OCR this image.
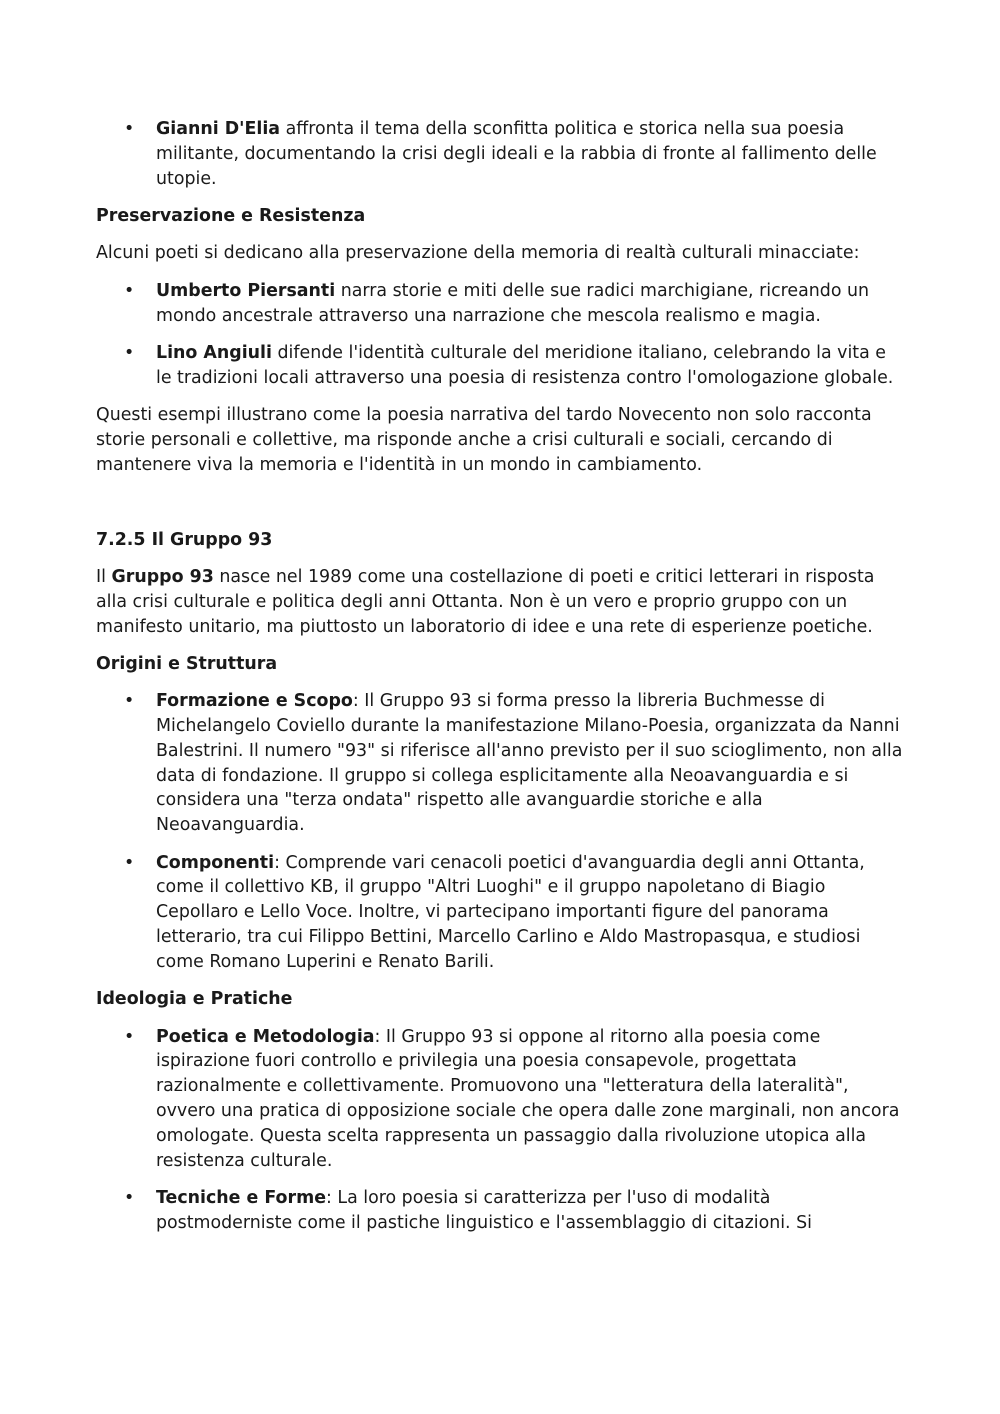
• Gianni D'Elia affronta il tema della sconfitta politica e storica nella sua poesia militante, documentando la crisi degli ideali e la rabbia di fronte al fallimento delle utopie.
Preservazione e Resistenza

Alcuni poeti si dedicano alla preservazione della memoria di realtà culturali minacciate:

• Umberto Piersanti narra storie e miti delle sue radici marchigiane, ricreando un mondo ancestrale attraverso una narrazione che mescola realismo e magia.
• Lino Angiuli difende l'identità culturale del meridione italiano, celebrando la vita e le tradizioni locali attraverso una poesia di resistenza contro l'omologazione globale.

Questi esempi illustrano come la poesia narrativa del tardo Novecento non solo racconta storie personali e collettive, ma risponde anche a crisi culturali e sociali, cercando di mantenere viva la memoria e l'identità in un mondo in cambiamento.

7.2.5 Il Gruppo 93

Il Gruppo 93 nasce nel 1989 come una costellazione di poeti e critici letterari in risposta alla crisi culturale e politica degli anni Ottanta. Non è un vero e proprio gruppo con un manifesto unitario, ma piuttosto un laboratorio di idee e una rete di esperienze poetiche.

Origini e Struttura
• Formazione e Scopo: Il Gruppo 93 si forma presso la libreria Buchmesse di Michelangelo Coviello durante la manifestazione Milano-Poesia, organizzata da Nanni Balestrini. Il numero "93" si riferisce all'anno previsto per il suo scioglimento, non alla data di fondazione. Il gruppo si collega esplicitamente alla Neoavanguardia e si considera una "terza ondata" rispetto alle avanguardie storiche e alla Neoavanguardia.
• Componenti: Comprende vari cenacoli poetici d'avanguardia degli anni Ottanta, come il collettivo KB, il gruppo "Altri Luoghi" e il gruppo napoletano di Biagio Cepollaro e Lello Voce. Inoltre, vi partecipano importanti figure del panorama letterario, tra cui Filippo Bettini, Marcello Carlino e Aldo Mastropasqua, e studiosi come Romano Luperini e Renato Barili.
Ideologia e Pratiche
• Poetica e Metodologia: Il Gruppo 93 si oppone al ritorno alla poesia come ispirazione fuori controllo e privilegia una poesia consapevole, progettata razionalmente e collettivamente. Promuovono una "letteratura della lateralità", ovvero una pratica di opposizione sociale che opera dalle zone marginali, non ancora omologate. Questa scelta rappresenta un passaggio dalla rivoluzione utopica alla resistenza culturale.
• Tecniche e Forme: La loro poesia si caratterizza per l'uso di modalità postmoderniste come il pastiche linguistico e l'assemblaggio di citazioni. Si
